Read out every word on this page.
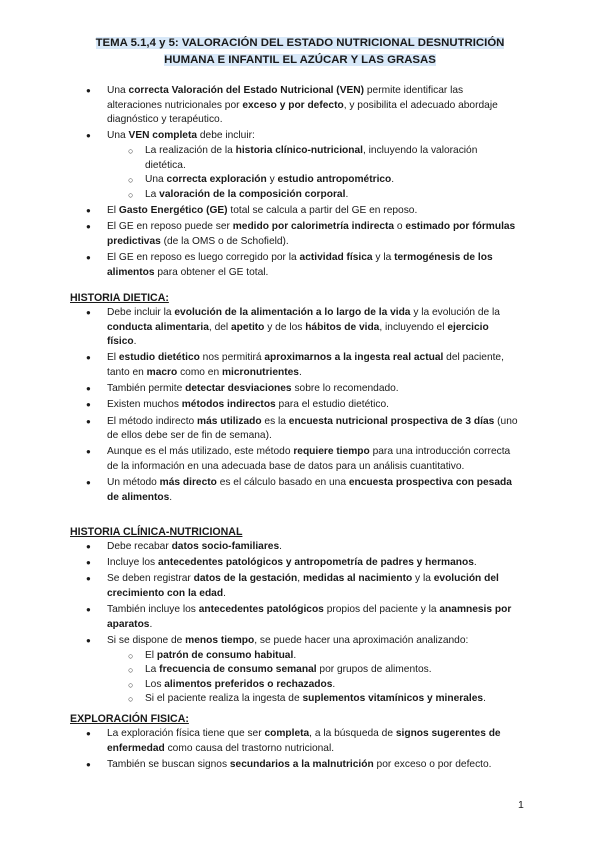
TEMA 5.1,4 y 5: VALORACIÓN DEL ESTADO NUTRICIONAL DESNUTRICIÓN
HUMANA E INFANTIL EL AZÚCAR Y LAS GRASAS
● Una correcta Valoración del Estado Nutricional (VEN) permite identificar las alteraciones nutricionales por exceso y por defecto, y posibilita el adecuado abordaje diagnóstico y terapéutico.
● Una VEN completa debe incluir:
○ La realización de la historia clínico-nutricional, incluyendo la valoración dietética.
○ Una correcta exploración y estudio antropométrico.
○ La valoración de la composición corporal.
● El Gasto Energético (GE) total se calcula a partir del GE en reposo.
● El GE en reposo puede ser medido por calorimetría indirecta o estimado por fórmulas predictivas (de la OMS o de Schofield).
● El GE en reposo es luego corregido por la actividad física y la termogénesis de los alimentos para obtener el GE total.
HISTORIA DIETICA:
● Debe incluir la evolución de la alimentación a lo largo de la vida y la evolución de la conducta alimentaria, del apetito y de los hábitos de vida, incluyendo el ejercicio físico.
● El estudio dietético nos permitirá aproximarnos a la ingesta real actual del paciente, tanto en macro como en micronutrientes.
● También permite detectar desviaciones sobre lo recomendado.
● Existen muchos métodos indirectos para el estudio dietético.
● El método indirecto más utilizado es la encuesta nutricional prospectiva de 3 días (uno de ellos debe ser de fin de semana).
● Aunque es el más utilizado, este método requiere tiempo para una introducción correcta de la información en una adecuada base de datos para un análisis cuantitativo.
● Un método más directo es el cálculo basado en una encuesta prospectiva con pesada de alimentos.
HISTORIA CLÍNICA-NUTRICIONAL
● Debe recabar datos socio-familiares.
● Incluye los antecedentes patológicos y antropometría de padres y hermanos.
● Se deben registrar datos de la gestación, medidas al nacimiento y la evolución del crecimiento con la edad.
● También incluye los antecedentes patológicos propios del paciente y la anamnesis por aparatos.
● Si se dispone de menos tiempo, se puede hacer una aproximación analizando:
○ El patrón de consumo habitual.
○ La frecuencia de consumo semanal por grupos de alimentos.
○ Los alimentos preferidos o rechazados.
○ Si el paciente realiza la ingesta de suplementos vitamínicos y minerales.
EXPLORACIÓN FISICA:
● La exploración física tiene que ser completa, a la búsqueda de signos sugerentes de enfermedad como causa del trastorno nutricional.
● También se buscan signos secundarios a la malnutrición por exceso o por defecto.
1
